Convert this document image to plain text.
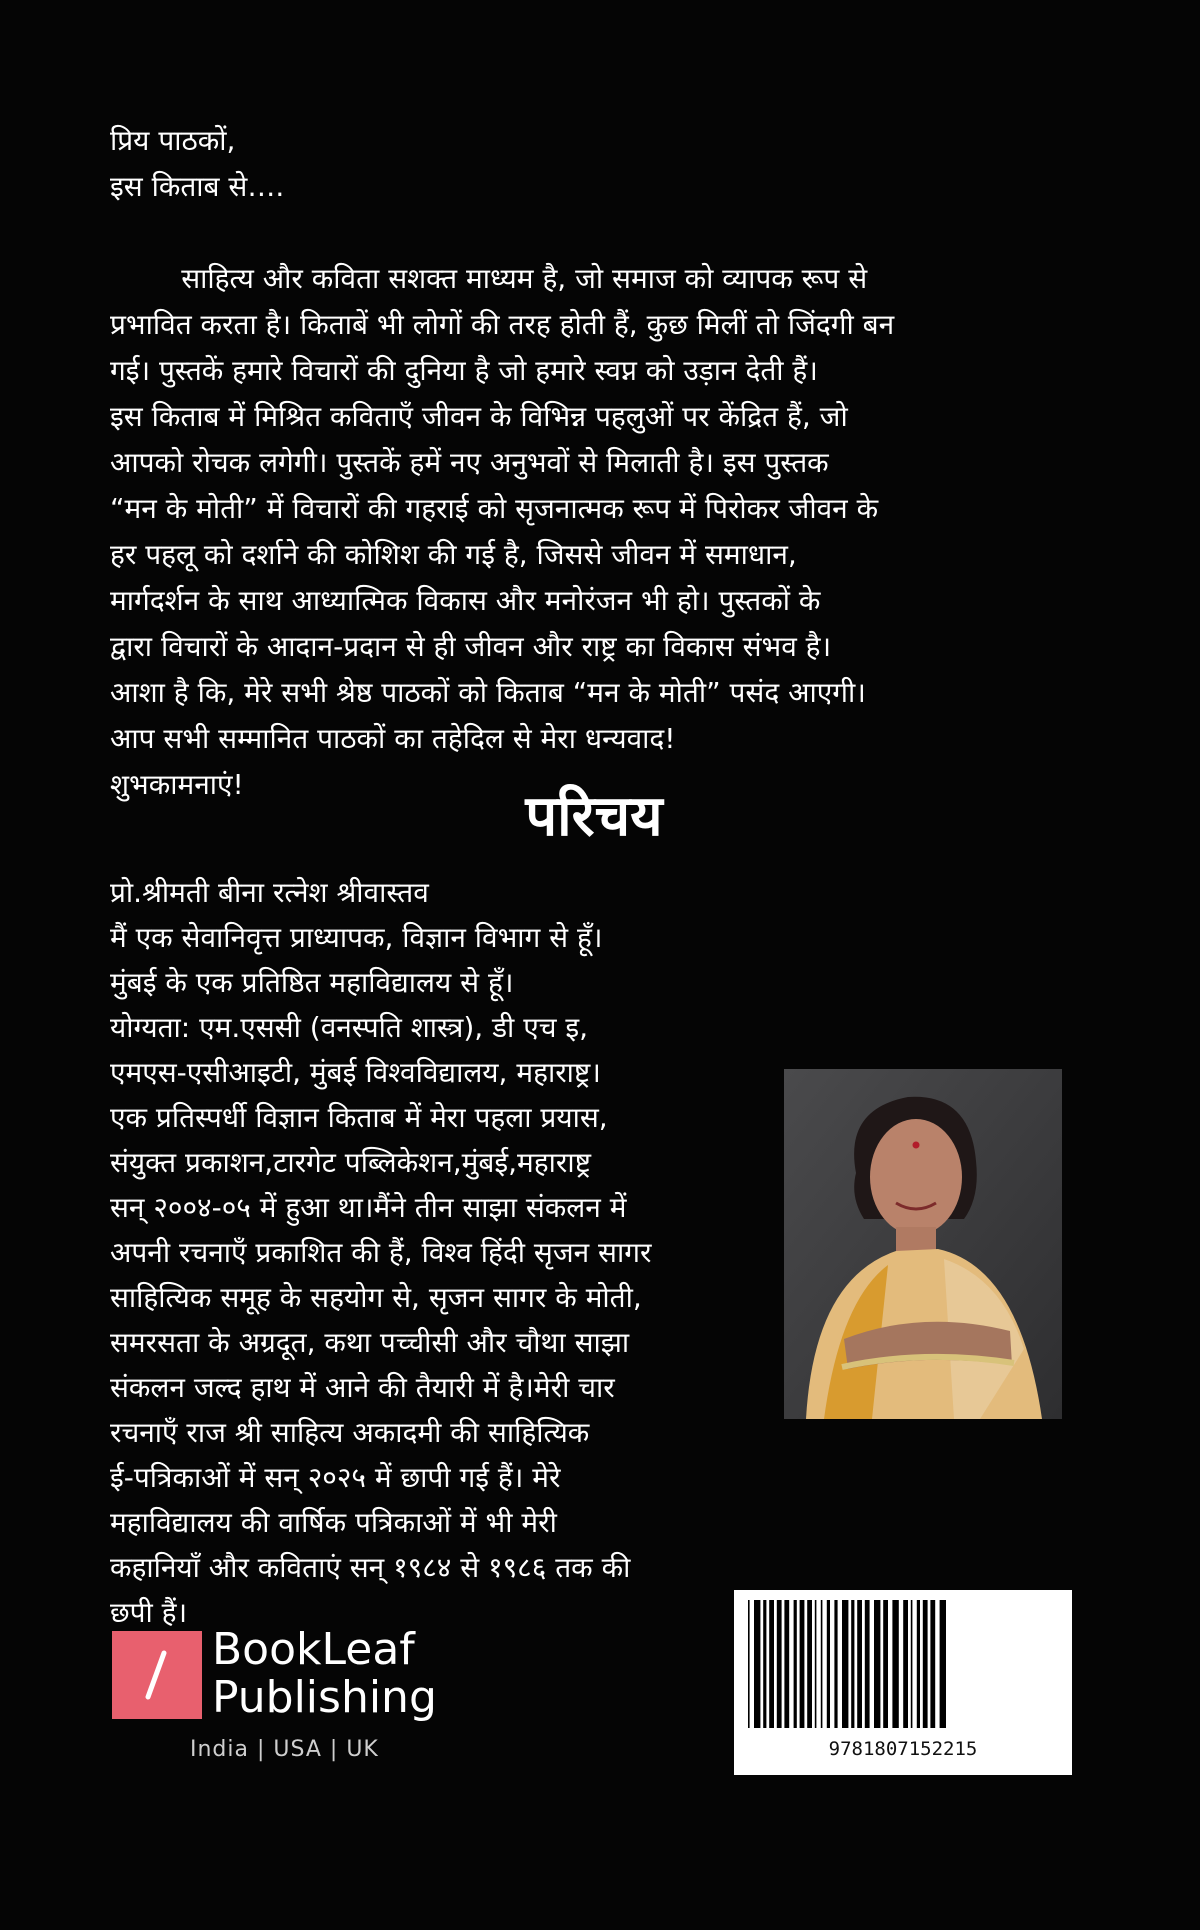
प्रिय पाठकों,

इस किताब से….

साहित्य और कविता सशक्त माध्यम है, जो समाज को व्यापक रूप से

प्रभावित करता है। किताबें भी लोगों की तरह होती हैं, कुछ मिलीं तो जिंदगी बन

गई। पुस्तकें हमारे विचारों की दुनिया है जो हमारे स्वप्न को उड़ान देती हैं।

इस किताब में मिश्रित कविताएँ जीवन के विभिन्न पहलुओं पर केंद्रित हैं, जो

आपको रोचक लगेगी। पुस्तकें हमें नए अनुभवों से मिलाती है। इस पुस्तक

“मन के मोती” में विचारों की गहराई को सृजनात्मक रूप में पिरोकर जीवन के

हर पहलू को दर्शाने की कोशिश की गई है, जिससे जीवन में समाधान,

मार्गदर्शन के साथ आध्यात्मिक विकास और मनोरंजन भी हो। पुस्तकों के

द्वारा विचारों के आदान-प्रदान से ही जीवन और राष्ट्र का विकास संभव है।

आशा है कि, मेरे सभी श्रेष्ठ पाठकों को किताब “मन के मोती” पसंद आएगी।

आप सभी सम्मानित पाठकों का तहेदिल से मेरा धन्यवाद!

शुभकामनाएं!	परिचय

प्रो.श्रीमती बीना रत्नेश श्रीवास्तव

मैं एक सेवानिवृत्त प्राध्यापक, विज्ञान विभाग से हूँ।

मुंबई के एक प्रतिष्ठित महाविद्यालय से हूँ।

योग्यता: एम.एससी (वनस्पति शास्त्र), डी एच इ,

एमएस-एसीआइटी, मुंबई विश्वविद्यालय, महाराष्ट्र।

एक प्रतिस्पर्धी विज्ञान किताब में मेरा पहला प्रयास,

संयुक्त प्रकाशन,टारगेट पब्लिकेशन,मुंबई,महाराष्ट्र

सन् २००४-०५ में हुआ था।मैंने तीन साझा संकलन में

अपनी रचनाएँ प्रकाशित की हैं, विश्व हिंदी सृजन सागर

साहित्यिक समूह के सहयोग से, सृजन सागर के मोती,

समरसता के अग्रदूत, कथा पच्चीसी और चौथा साझा

संकलन जल्द हाथ में आने की तैयारी में है।मेरी चार

रचनाएँ राज श्री साहित्य अकादमी की साहित्यिक

ई-पत्रिकाओं में सन् २०२५ में छापी गई हैं। मेरे

महाविद्यालय की वार्षिक पत्रिकाओं में भी मेरी

कहानियाँ और कविताएं सन् १९८४ से १९८६ तक की

छपी हैं।

BookLeaf
Publishing
India | USA | UK	9781807152215
